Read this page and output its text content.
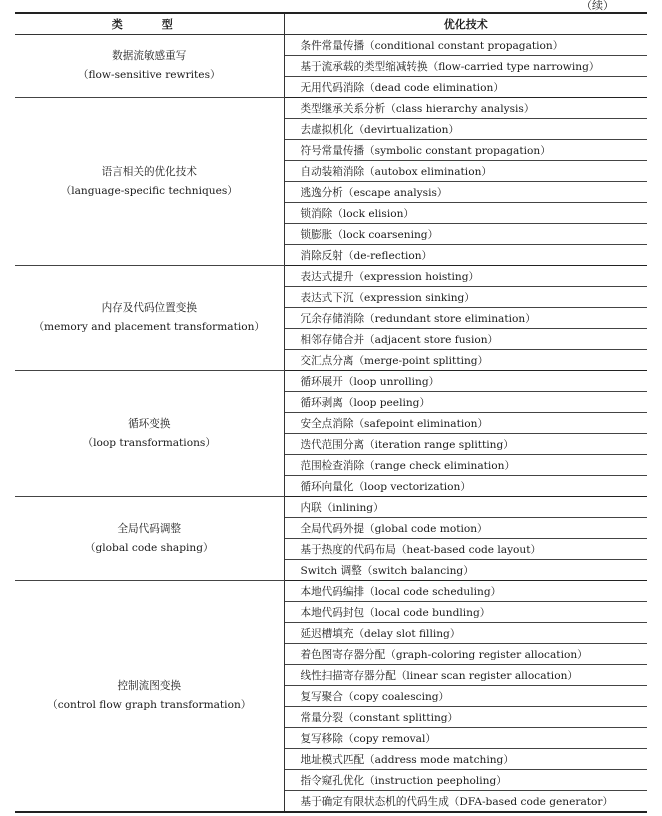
（续）
类　型	优化技术

数据流敏感重写
（flow-sensitive rewrites）	条件常量传播（conditional constant propagation）
	基于流承载的类型缩减转换（flow-carried type narrowing）
	无用代码消除（dead code elimination）

语言相关的优化技术
（language-specific techniques）	类型继承关系分析（class hierarchy analysis）
	去虚拟机化（devirtualization）
	符号常量传播（symbolic constant propagation）
	自动装箱消除（autobox elimination）
	逃逸分析（escape analysis）
	锁消除（lock elision）
	锁膨胀（lock coarsening）
	消除反射（de-reflection）

内存及代码位置变换
（memory and placement transformation）	表达式提升（expression hoisting）
	表达式下沉（expression sinking）
	冗余存储消除（redundant store elimination）
	相邻存储合并（adjacent store fusion）
	交汇点分离（merge-point splitting）

循环变换
（loop transformations）	循环展开（loop unrolling）
	循环剥离（loop peeling）
	安全点消除（safepoint elimination）
	迭代范围分离（iteration range splitting）
	范围检查消除（range check elimination）
	循环向量化（loop vectorization）

全局代码调整
（global code shaping）	内联（inlining）
	全局代码外提（global code motion）
	基于热度的代码布局（heat-based code layout）
	Switch 调整（switch balancing）

控制流图变换
（control flow graph transformation）	本地代码编排（local code scheduling）
	本地代码封包（local code bundling）
	延迟槽填充（delay slot filling）
	着色图寄存器分配（graph-coloring register allocation）
	线性扫描寄存器分配（linear scan register allocation）
	复写聚合（copy coalescing）
	常量分裂（constant splitting）
	复写移除（copy removal）
	地址模式匹配（address mode matching）
	指令窥孔优化（instruction peepholing）
	基于确定有限状态机的代码生成（DFA-based code generator）
